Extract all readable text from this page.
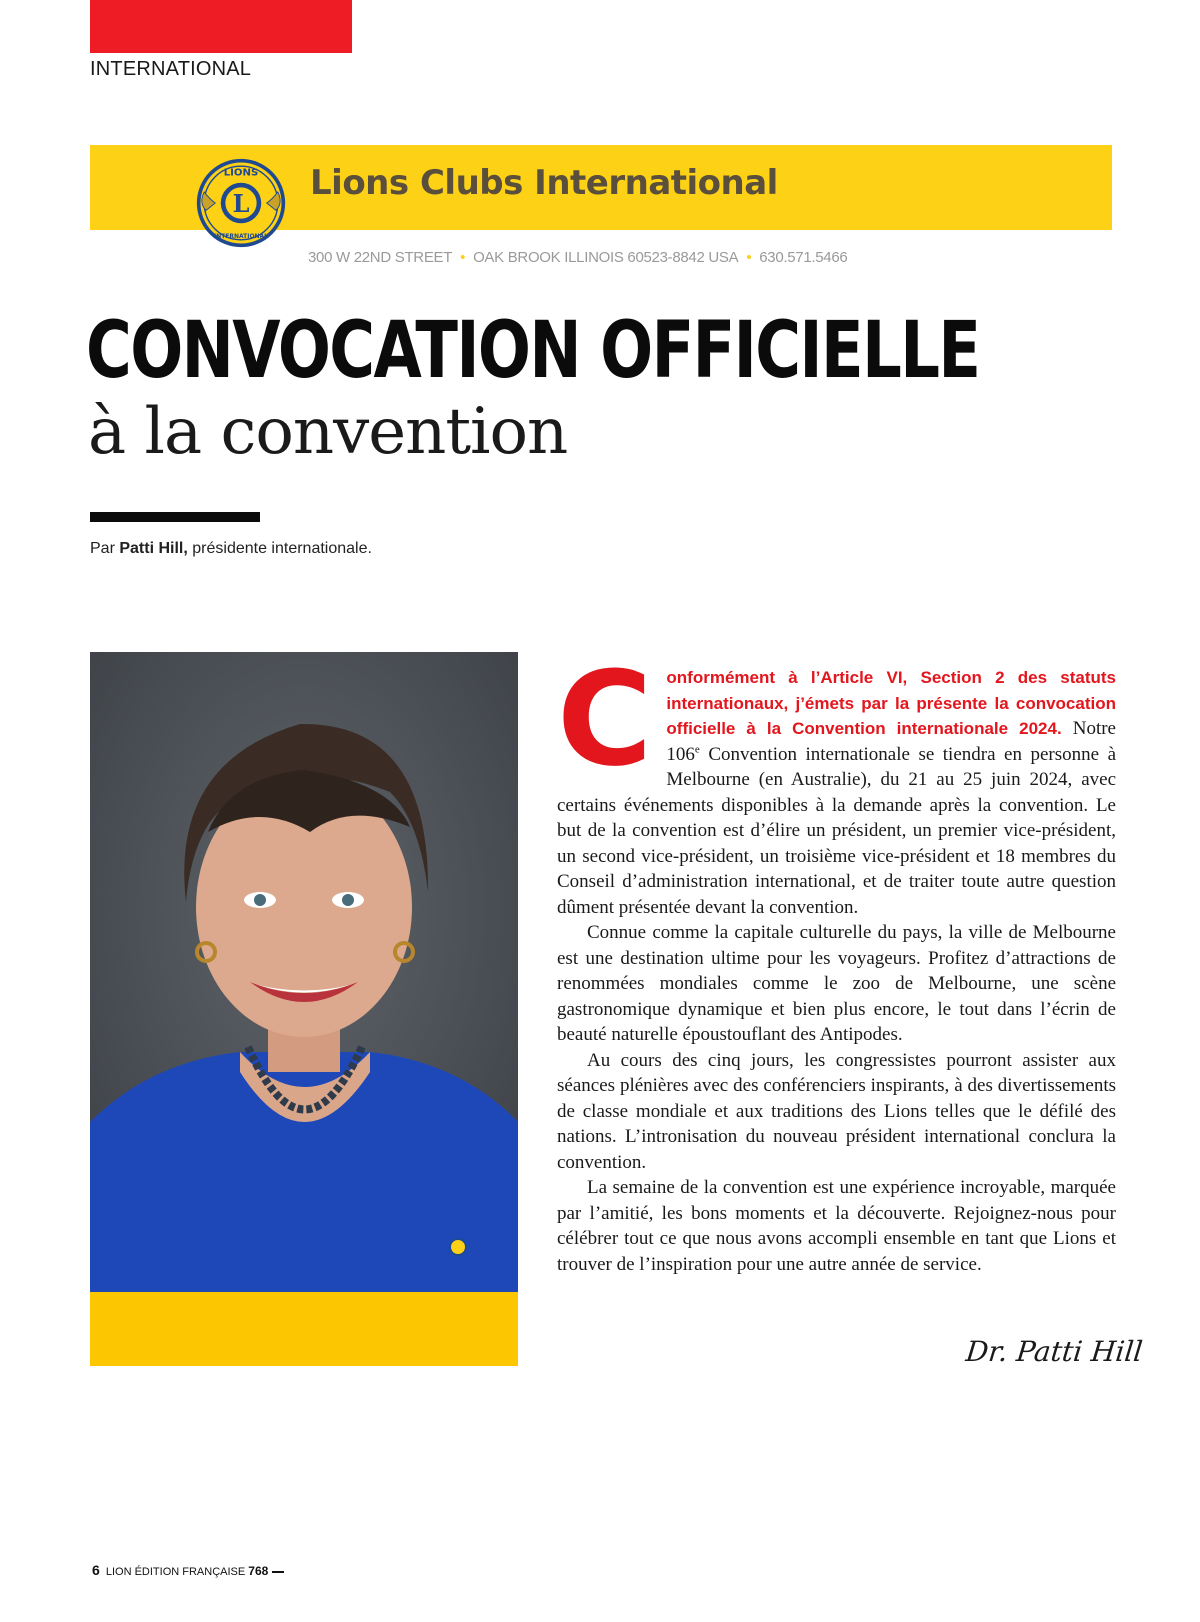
INTERNATIONAL
L
LIONS
INTERNATIONAL
Lions Clubs International
300 W 22ND STREET • OAK BROOK ILLINOIS 60523-8842 USA • 630.571.5466
CONVOCATION OFFICIELLE
à la convention
Par Patti Hill, présidente internationale.

C onformément à l’Article VI, Section 2 des statuts internationaux, j’émets par la présente la convocation officielle à la Convention internationale 2024. Notre 106e Convention internationale se tiendra en personne à Melbourne (en Australie), du 21 au 25 juin 2024, avec certains événements disponibles à la demande après la convention. Le but de la convention est d’élire un président, un premier vice-président, un second vice-président, un troisième vice-président et 18 membres du Conseil d’administration international, et de traiter toute autre question dûment présentée devant la convention.

Connue comme la capitale culturelle du pays, la ville de Melbourne est une destination ultime pour les voyageurs. Profitez d’attractions de renommées mondiales comme le zoo de Melbourne, une scène gastronomique dynamique et bien plus encore, le tout dans l’écrin de beauté naturelle époustouflant des Antipodes.

Au cours des cinq jours, les congressistes pourront assister aux séances plénières avec des conférenciers inspirants, à des divertissements de classe mondiale et aux traditions des Lions telles que le défilé des nations. L’intronisation du nouveau président international conclura la convention.

La semaine de la convention est une expérience incroyable, marquée par l’amitié, les bons moments et la découverte. Rejoignez-nous pour célébrer tout ce que nous avons accompli ensemble en tant que Lions et trouver de l’inspiration pour une autre année de service.

Dr. Patti Hill
6 LION ÉDITION FRANÇAISE 768
